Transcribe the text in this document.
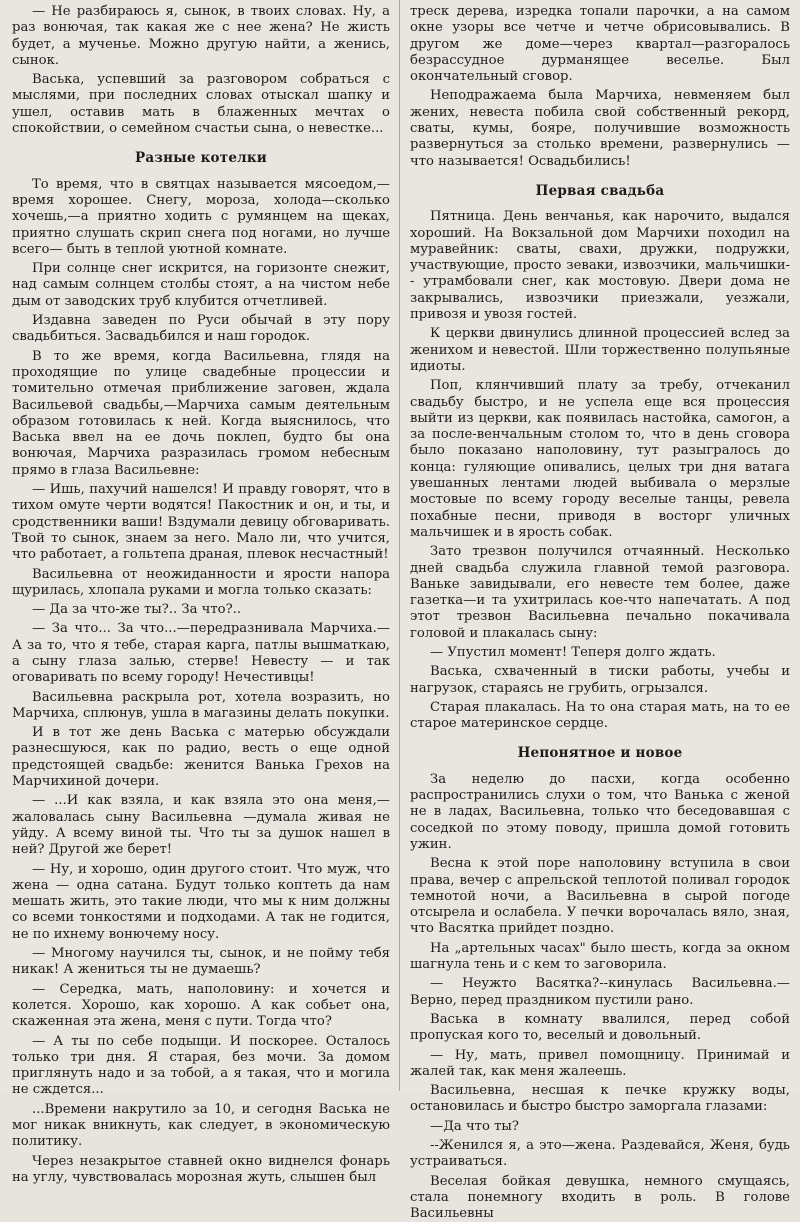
— Не разбираюсь я, сынок, в твоих словах. Ну, а раз вонючая, так какая же с нее жена? Не жисть будет, а мученье. Можно другую найти, а женись, сынок.

Васька, успевший за разговором собраться с мыслями, при последних словах отыскал шапку и ушел, оставив мать в блаженных мечтах о спокойствии, о семейном счастьи сына, о невестке...

Разные котелки

То время, что в святцах называется мясоедом,— время хорошее. Снегу, мороза, холода—сколько хочешь,—а приятно ходить с румянцем на щеках, приятно слушать скрип снега под ногами, но лучше всего— быть в теплой уютной комнате.

При солнце снег искрится, на горизонте снежит, над самым солнцем столбы стоят, а на чистом небе дым от заводских труб клубится отчетливей.

Издавна заведен по Руси обычай в эту пору свадьбиться. Засвадьбился и наш городок.

В то же время, когда Васильевна, глядя на проходящие по улице свадебные процессии и томительно отмечая приближение заговен, ждала Васильевой свадьбы,—Марчиха самым деятельным образом готовилась к ней. Когда выяснилось, что Васька ввел на ее дочь поклеп, будто бы она вонючая, Марчиха разразилась громом небесным прямо в глаза Васильевне:

— Ишь, пахучий нашелся! И правду говорят, что в тихом омуте черти водятся! Пакостник и он, и ты, и сродственники ваши! Вздумали девицу обговаривать. Твой то сынок, знаем за него. Мало ли, что учится, что работает, а гольтепа драная, плевок несчастный!

Васильевна от неожиданности и ярости напора щурилась, хлопала руками и могла только сказать:

— Да за что-же ты?.. За что?..

— За что... За что...—передразнивала Марчиха.— А за то, что я тебе, старая карга, патлы вышматкаю, а сыну глаза залью, стерве! Невесту — и так оговаривать по всему городу! Нечестивцы!

Васильевна раскрыла рот, хотела возразить, но Марчиха, сплюнув, ушла в магазины делать покупки.

И в тот же день Васька с матерью обсуждали разнесшуюся, как по радио, весть о еще одной предстоящей свадьбе: женится Ванька Грехов на Марчихиной дочери.

— ...И как взяла, и как взяла это она меня,— жаловалась сыну Васильевна —думала живая не уйду. А всему виной ты. Что ты за душок нашел в ней? Другой же берет!

— Ну, и хорошо, один другого стоит. Что муж, что жена — одна сатана. Будут только коптеть да нам мешать жить, это такие люди, что мы к ним должны со всеми тонкостями и подходами. А так не годится, не по ихнему вонючему носу.

— Многому научился ты, сынок, и не пойму тебя никак! А жениться ты не думаешь?

— Середка, мать, наполовину: и хочется и колется. Хорошо, как хорошо. А как собьет она, скаженная эта жена, меня с пути. Тогда что?

— А ты по себе подыщи. И поскорее. Осталось только три дня. Я старая, без мочи. За домом приглянуть надо и за тобой, а я такая, что и могила не сждется...

...Времени накрутило за 10, и сегодня Васька не мог никак вникнуть, как следует, в экономическую политику.

Через незакрытое ставней окно виднелся фонарь на углу, чувствовалась морозная жуть, слышен был

треск дерева, изредка топали парочки, а на самом окне узоры все четче и четче обрисовывались. В другом же доме—через квартал—разгоралось безрассудное дурманящее веселье. Был окончательный сговор.

Неподражаема была Марчиха, невменяем был жених, невеста побила свой собственный рекорд, сваты, кумы, бояре, получившие возможность развернуться за столько времени, развернулись — что называется! Освадьбились!

Первая свадьба

Пятница. День венчанья, как нарочито, выдался хороший. На Вокзальной дом Марчихи походил на муравейник: сваты, свахи, дружки, подружки, участвующие, просто зеваки, извозчики, мальчишки-- утрамбовали снег, как мостовую. Двери дома не закрывались, извозчики приезжали, уезжали, привозя и увозя гостей.

К церкви двинулись длинной процессией вслед за женихом и невестой. Шли торжественно полупьяные идиоты.

Поп, клянчивший плату за требу, отчеканил свадьбу быстро, и не успела еще вся процессия выйти из церкви, как появилась настойка, самогон, а за после-венчальным столом то, что в день сговора было показано наполовину, тут разыгралось до конца: гуляющие опивались, целых три дня ватага увешанных лентами людей выбивала о мерзлые мостовые по всему городу веселые танцы, ревела похабные песни, приводя в восторг уличных мальчишек и в ярость собак.

Зато трезвон получился отчаянный. Несколько дней свадьба служила главной темой разговора. Ваньке завидывали, его невесте тем более, даже газетка—и та ухитрилась кое-что напечатать. А под этот трезвон Васильевна печально покачивала головой и плакалась сыну:

— Упустил момент! Теперя долго ждать.

Васька, схваченный в тиски работы, учебы и нагрузок, стараясь не грубить, огрызался.

Старая плакалась. На то она старая мать, на то ее старое материнское сердце.

Непонятное и новое

За неделю до пасхи, когда особенно распространились слухи о том, что Ванька с женой не в ладах, Васильевна, только что беседовавшая с соседкой по этому поводу, пришла домой готовить ужин.

Весна к этой поре наполовину вступила в свои права, вечер с апрельской теплотой поливал городок темнотой ночи, а Васильевна в сырой погоде отсырела и ослабела. У печки ворочалась вяло, зная, что Васятка прийдет поздно.

На „артельных часах" было шесть, когда за окном шагнула тень и с кем то заговорила.

— Неужто Васятка?--кинулась Васильевна.—Верно, перед праздником пустили рано.

Васька в комнату ввалился, перед собой пропуская кого то, веселый и довольный.

— Ну, мать, привел помощницу. Принимай и жалей так, как меня жалеешь.

Васильевна, несшая к печке кружку воды, остановилась и быстро быстро заморгала глазами:

—Да что ты?

--Женился я, а это—жена. Раздевайся, Женя, будь устраиваться.

Веселая бойкая девушка, немного смущаясь, стала понемногу входить в роль. В голове Васильевны
